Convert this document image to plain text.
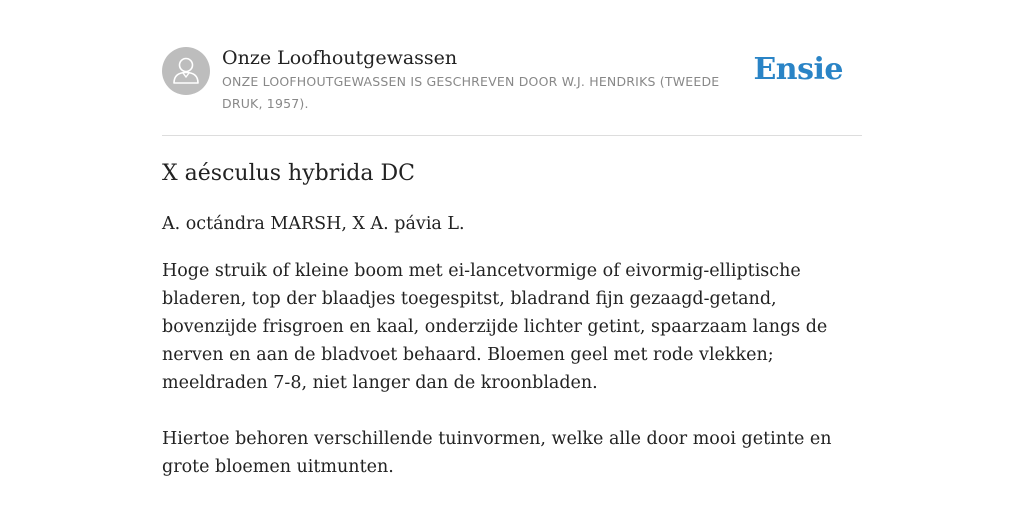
Onze Loofhoutgewassen
ONZE LOOFHOUTGEWASSEN IS GESCHREVEN DOOR W.J. HENDRIKS (TWEEDE DRUK, 1957).
Ensie
X aésculus hybrida DC
A. octándra MARSH, X A. pávia L.
Hoge struik of kleine boom met ei-lancetvormige of eivormig-elliptische bladeren, top der blaadjes toegespitst, bladrand fijn gezaagd-getand, bovenzijde frisgroen en kaal, onderzijde lichter getint, spaarzaam langs de nerven en aan de bladvoet behaard. Bloemen geel met rode vlekken; meeldraden 7-8, niet langer dan de kroonbladen.
Hiertoe behoren verschillende tuinvormen, welke alle door mooi getinte en grote bloemen uitmunten.
